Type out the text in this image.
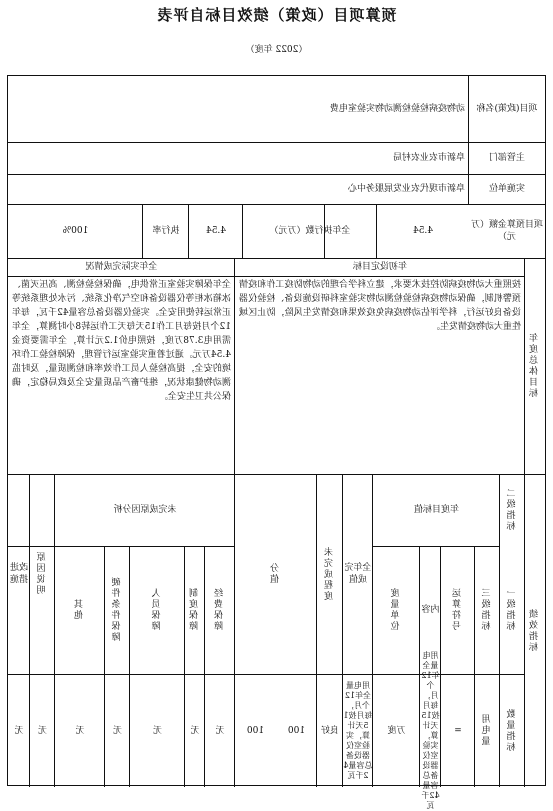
预算项目（政策）绩效目标自评表
（2022 年度）
项目(政策)名称
动物疫病检验检测动物实验室电费
主管部门
阜新市农业农村局
实施单位
阜新市现代农业发展服务中心
项目预算金额（万元）
4.54
全年执行数（万元）
4.54
执行率
100%
年度总体目标
年初设定目标
全年实际完成情况
按照重大动物疫病防控技术要求，建立科学合理的动物防疫工作和疫情预警机制，确保动物疫病检验检测动物实验室科研设施设备、检验仪器设备良好运行，科学评估动物疫病免疫效果和疫情发生风险，防止区域性重大动物疫情发生。
全年保障实验室正常供电，确保检验检测、高压灭菌、冰箱冰柜等仪器设备和空气净化系统、污水处理系统等正常运转使用安全。实验仪器设备总容量42千瓦，每年12个月按每月工作15天每天工作运转8小时测算，全年需用电3.78万度，按照电价1.2元计算，全年需要资金4.54万元。通过着重实验室运行管理，保障检验工作环境的安全，提高检验人员工作效率和检测质量，及时监测动物健康状况，维护畜产品质量安全及政局稳定，确保公共卫生安全。
绩效指标
一级指标
二级指标
三级指标
年度目标值
运算符号
内容
度量单位
全年完成值
未完成程度
分值
未完成原因分析
经费保障
制度保障
人员保障
硬件条件保障
其他
原因说明
改进措施
数量指标
用电量
=
用电量全年12个月，每月按15天计算，实验室仪器设备总容量42千瓦
万度
用电量全年12个月，每月按15天计算，实验室仪器设备总容量42千瓦
良好
100
100
无
无
无
无
无
无
无
